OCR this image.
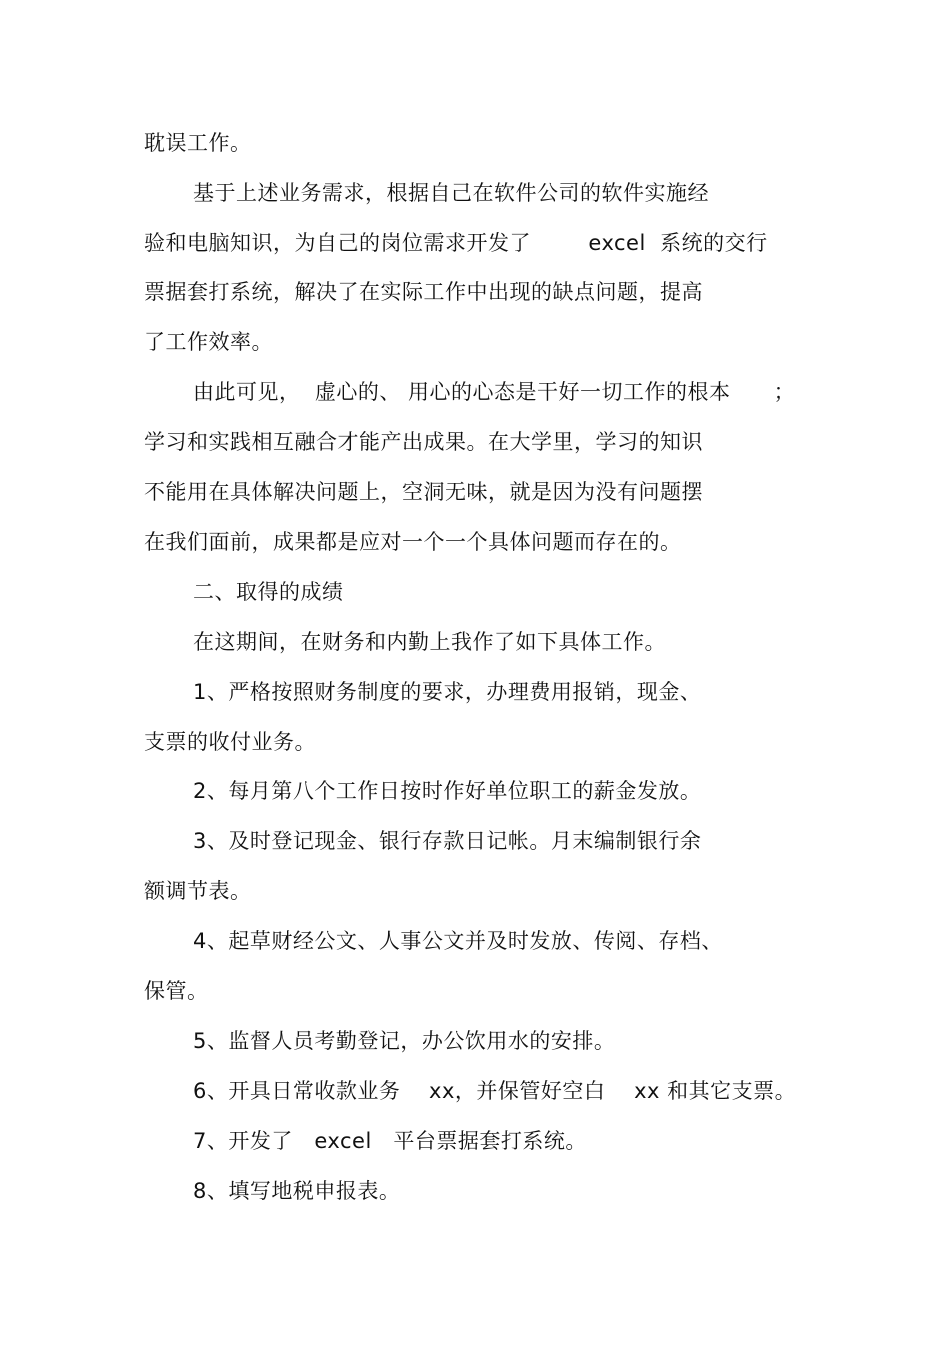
耽误工作。
基于上述业务需求，根据自己在软件公司的软件实施经
验和电脑知识，为自己的岗位需求开发了        excel  系统的交行
票据套打系统，解决了在实际工作中出现的缺点问题，提高
了工作效率。
由此可见，  虚心的、 用心的心态是干好一切工作的根本      ；
学习和实践相互融合才能产出成果。在大学里，学习的知识
不能用在具体解决问题上，空洞无味，就是因为没有问题摆
在我们面前，成果都是应对一个一个具体问题而存在的。
二、取得的成绩
在这期间，在财务和内勤上我作了如下具体工作。
1、严格按照财务制度的要求，办理费用报销，现金、
支票的收付业务。
2、每月第八个工作日按时作好单位职工的薪金发放。
3、及时登记现金、银行存款日记帐。月末编制银行余
额调节表。
4、起草财经公文、人事公文并及时发放、传阅、存档、
保管。
5、监督人员考勤登记，办公饮用水的安排。
6、开具日常收款业务    xx，并保管好空白    xx 和其它支票。
7、开发了   excel   平台票据套打系统。
8、填写地税申报表。
